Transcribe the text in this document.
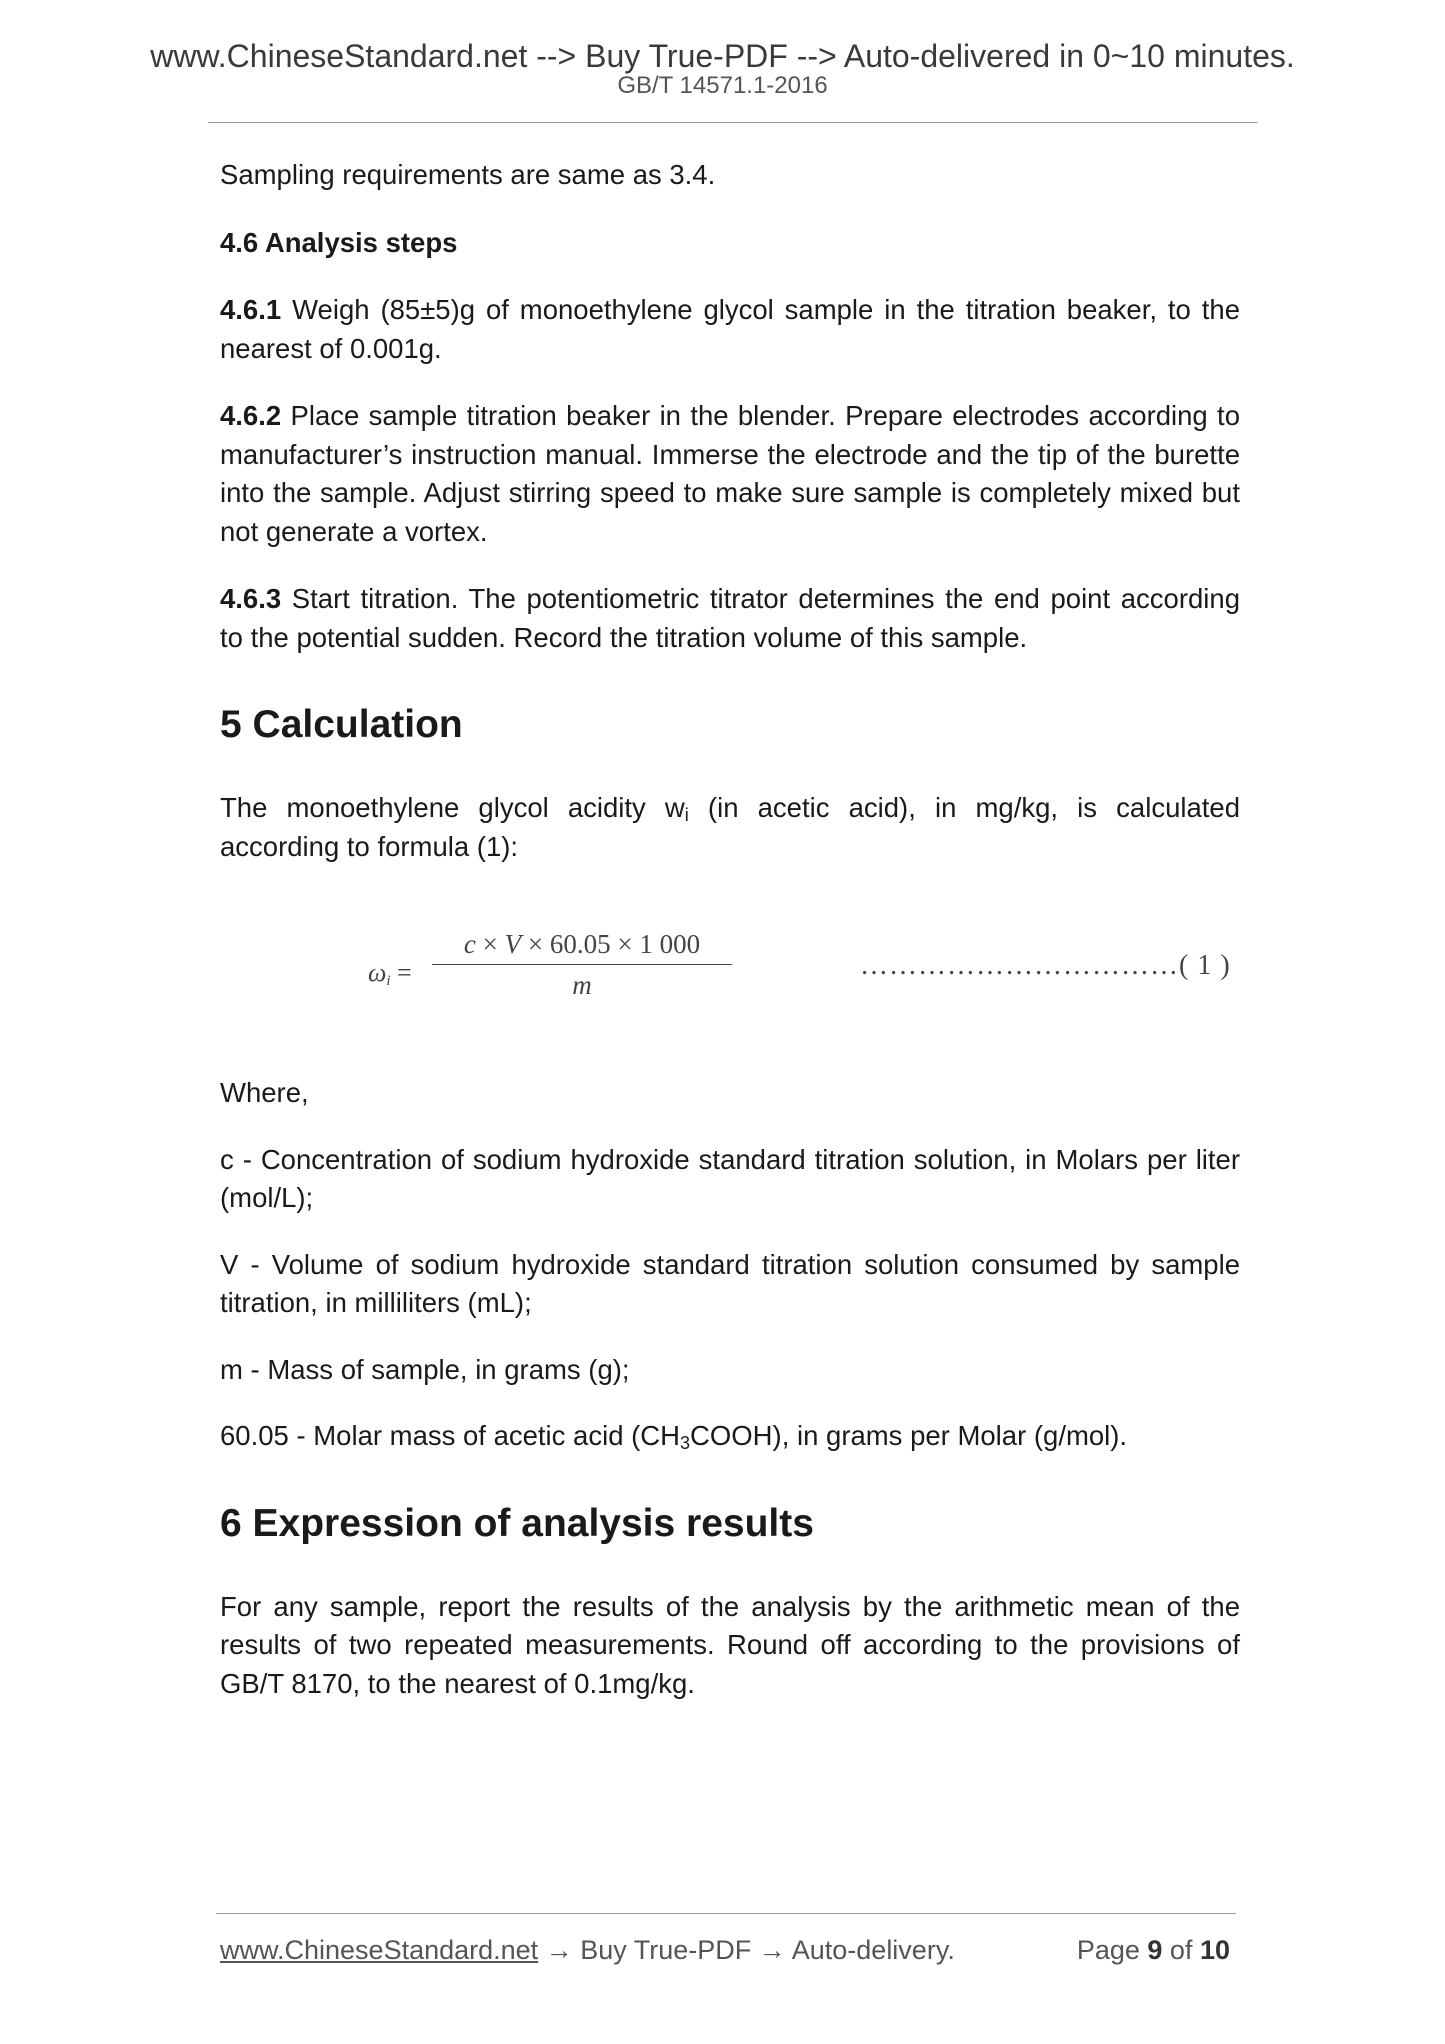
www.ChineseStandard.net --> Buy True-PDF --> Auto-delivered in 0~10 minutes.
GB/T 14571.1-2016

Sampling requirements are same as 3.4.

4.6 Analysis steps

4.6.1 Weigh (85±5)g of monoethylene glycol sample in the titration beaker, to the nearest of 0.001g.

4.6.2 Place sample titration beaker in the blender. Prepare electrodes according to manufacturer’s instruction manual. Immerse the electrode and the tip of the burette into the sample. Adjust stirring speed to make sure sample is completely mixed but not generate a vortex.

4.6.3 Start titration. The potentiometric titrator determines the end point according to the potential sudden. Record the titration volume of this sample.

5 Calculation

The monoethylene glycol acidity $w_i$ (in acetic acid), in mg/kg, is calculated according to formula (1):

$\omega_i$ =
c × V × 60.05 × 1 000
m
……………………………( 1 )

Where,

c - Concentration of sodium hydroxide standard titration solution, in Molars per liter (mol/L);

V - Volume of sodium hydroxide standard titration solution consumed by sample titration, in milliliters (mL);

m - Mass of sample, in grams (g);

60.05 - Molar mass of acetic acid $(CH_3COOH)$, in grams per Molar (g/mol).

6 Expression of analysis results

For any sample, report the results of the analysis by the arithmetic mean of the results of two repeated measurements. Round off according to the provisions of GB/T 8170, to the nearest of 0.1mg/kg.

www.ChineseStandard.net → Buy True-PDF → Auto-delivery.	Page 9 of 10
